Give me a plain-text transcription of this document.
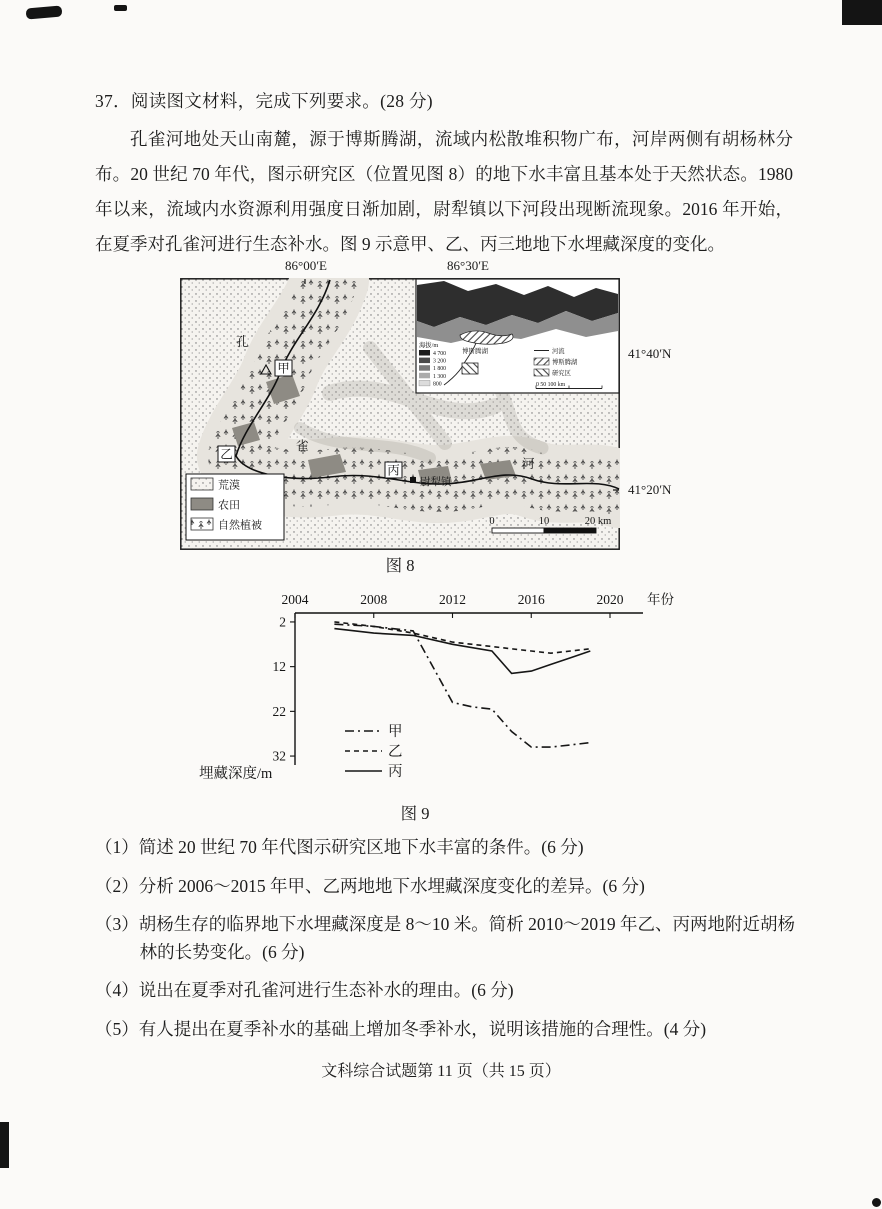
37．阅读图文材料，完成下列要求。(28 分)
孔雀河地处天山南麓，源于博斯腾湖，流域内松散堆积物广布，河岸两侧有胡杨林分布。20 世纪 70 年代，图示研究区（位置见图 8）的地下水丰富且基本处于天然状态。1980 年以来，流域内水资源利用强度日渐加剧，尉犁镇以下河段出现断流现象。2016 年开始，在夏季对孔雀河进行生态补水。图 9 示意甲、乙、丙三地地下水埋藏深度的变化。
86°00′E	86°30′E
41°40′N
41°20′N
孔
雀
河
甲
乙
丙
尉犁镇
荒漠
农田
自然植被	0	10	20 km
博斯腾湖
海拔/m
4 700
3 200
1 800
1 300
800
河流
博斯腾湖
研究区
0 50 100 km
图 8
埋藏深度/m
2004	2008	2012	2016	2020 年份
2
12
22
32
甲
乙
丙
图 9
（1）简述 20 世纪 70 年代图示研究区地下水丰富的条件。(6 分)
（2）分析 2006～2015 年甲、乙两地地下水埋藏深度变化的差异。(6 分)
（3）胡杨生存的临界地下水埋藏深度是 8～10 米。简析 2010～2019 年乙、丙两地附近胡杨林的长势变化。(6 分)
（4）说出在夏季对孔雀河进行生态补水的理由。(6 分)
（5）有人提出在夏季补水的基础上增加冬季补水，说明该措施的合理性。(4 分)
文科综合试题第 11 页（共 15 页）
